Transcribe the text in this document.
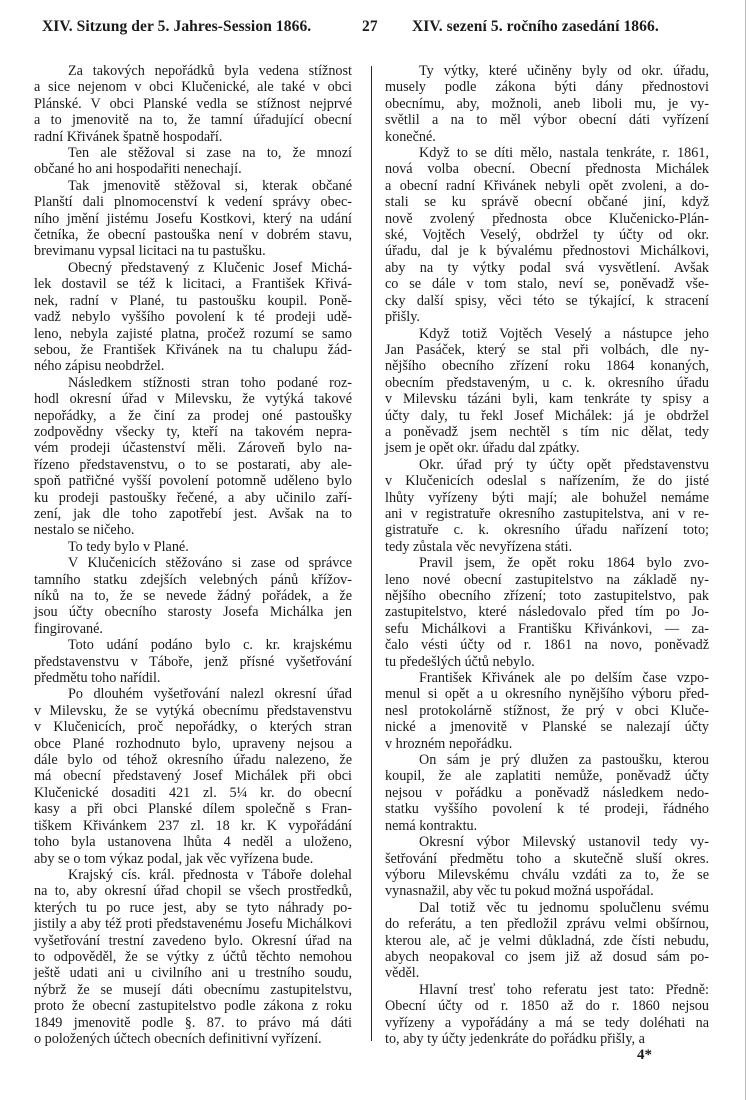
XIV. Sitzung der 5. Jahres-Session 1866.	27 XIV. sezení 5. ročního zasedání 1866.

Za takových nepořádků byla vedena stížnost
a sice nejenom v obci Klučenické, ale také v obci
Plánské. V obci Planské vedla se stížnost nejprvé
a to jmenovitě na to, že tamní úřadující obecní
radní Křivánek špatně hospodaří.

Ten ale stěžoval si zase na to, že mnozí
občané ho ani hospodařiti nenechají.

Tak jmenovitě stěžoval si, kterak občané
Planští dali plnomocenství k vedení správy obec-
ního jmění jistému Josefu Kostkovi, který na udání
četníka, že obecní pastouška není v dobrém stavu,
brevimanu vypsal licitaci na tu pastušku.

Obecný představený z Klučenic Josef Michá-
lek dostavil se též k licitaci, a František Křivá-
nek, radní v Plané, tu pastoušku koupil. Poně-
vadž nebylo vyššího povolení k té prodeji udě-
leno, nebyla zajisté platna, pročež rozumí se samo
sebou, že František Křivánek na tu chalupu žád-
ného zápisu neobdržel.

Následkem stížnosti stran toho podané roz-
hodl okresní úřad v Milevsku, že vytýká takové
nepořádky, a že činí za prodej oné pastoušky
zodpovědny všecky ty, kteří na takovém nepra-
vém prodeji účastenství měli. Zároveň bylo na-
řízeno představenstvu, o to se postarati, aby ale-
spoň patřičné vyšší povolení potomně uděleno bylo
ku prodeji pastoušky řečené, a aby učinilo zaří-
zení, jak dle toho zapotřebí jest. Avšak na to
nestalo se ničeho.

To tedy bylo v Plané.

V Klučenicích stěžováno si zase od správce
tamního statku zdejších velebných pánů křížov-
níků na to, že se nevede žádný pořádek, a že
jsou účty obecního starosty Josefa Michálka jen
fingirované.

Toto udání podáno bylo c. kr. krajskému
představenstvu v Táboře, jenž přísné vyšetřování
předmětu toho nařídil.

Po dlouhém vyšetřování nalezl okresní úřad
v Milevsku, že se vytýká obecnímu představenstvu
v Klučenicích, proč nepořádky, o kterých stran
obce Plané rozhodnuto bylo, upraveny nejsou a
dále bylo od téhož okresního úřadu nalezeno, že
má obecní představený Josef Michálek při obci
Klučenické dosaditi 421 zl. 5¼ kr. do obecní
kasy a při obci Planské dílem společně s Fran-
tiškem Křivánkem 237 zl. 18 kr. K vypořádání
toho byla ustanovena lhůta 4 neděl a uloženo,
aby se o tom výkaz podal, jak věc vyřízena bude.

Krajský cís. král. přednosta v Táboře dolehal
na to, aby okresní úřad chopil se všech prostředků,
kterých tu po ruce jest, aby se tyto náhrady po-
jistily a aby též proti představenému Josefu Michálkovi
vyšetřování trestní zavedeno bylo. Okresní úřad na
to odpověděl, že se výtky z účtů těchto nemohou
ještě udati ani u civilního ani u trestního soudu,
nýbrž že se musejí dáti obecnímu zastupitelstvu,
proto že obecní zastupitelstvo podle zákona z roku
1849 jmenovitě podle §. 87. to právo má dáti
o položených účtech obecních definitivní vyřízení.

Ty výtky, které učiněny byly od okr. úřadu,
musely podle zákona býti dány přednostovi
obecnímu, aby, možnoli, aneb liboli mu, je vy-
světlil a na to měl výbor obecní dáti vyřízení
konečné.

Když to se díti mělo, nastala tenkráte, r. 1861,
nová volba obecní. Obecní přednosta Michálek
a obecní radní Křivánek nebyli opět zvoleni, a do-
stali se ku správě obecní občané jiní, když
nově zvolený přednosta obce Klučenicko-Plán-
ské, Vojtěch Veselý, obdržel ty účty od okr.
úřadu, dal je k bývalému přednostovi Michálkovi,
aby na ty výtky podal svá vysvětlení. Avšak
co se dále v tom stalo, neví se, poněvadž vše-
cky další spisy, věci této se týkající, k stracení
přišly.

Když totiž Vojtěch Veselý a nástupce jeho
Jan Pasáček, který se stal při volbách, dle ny-
nějšího obecního zřízení roku 1864 konaných,
obecním představeným, u c. k. okresního úřadu
v Milevsku tázáni byli, kam tenkráte ty spisy a
účty daly, tu řekl Josef Michálek: já je obdržel
a poněvadž jsem nechtěl s tím nic dělat, tedy
jsem je opět okr. úřadu dal zpátky.

Okr. úřad prý ty účty opět představenstvu
v Klučenicích odeslal s nařízením, že do jisté
lhůty vyřízeny býti mají; ale bohužel nemáme
ani v registratuře okresního zastupitelstva, ani v re-
gistratuře c. k. okresního úřadu nařízení toto;
tedy zůstala věc nevyřízena státi.

Pravil jsem, že opět roku 1864 bylo zvo-
leno nové obecní zastupitelstvo na základě ny-
nějšího obecního zřízení; toto zastupitelstvo, pak
zastupitelstvo, které následovalo před tím po Jo-
sefu Michálkovi a Františku Křivánkovi, — za-
čalo vésti účty od r. 1861 na novo, poněvadž
tu předešlých účtů nebylo.

František Křivánek ale po delším čase vzpo-
menul si opět a u okresního nynějšího výboru před-
nesl protokolárně stížnost, že prý v obci Kluče-
nické a jmenovitě v Planské se nalezají účty
v hrozném nepořádku.

On sám je prý dlužen za pastoušku, kterou
koupil, že ale zaplatiti nemůže, poněvadž účty
nejsou v pořádku a poněvadž následkem nedo-
statku vyššího povolení k té prodeji, řádného
nemá kontraktu.

Okresní výbor Milevský ustanovil tedy vy-
šetřování předmětu toho a skutečně sluší okres.
výboru Milevskému chválu vzdáti za to, že se
vynasnažil, aby věc tu pokud možná uspořádal.

Dal totiž věc tu jednomu spolučlenu svému
do referátu, a ten předložil zprávu velmi obšírnou,
kterou ale, ač je velmi důkladná, zde čísti nebudu,
abych neopakoval co jsem již až dosud sám po-
věděl.

Hlavní tresť toho referatu jest tato: Předně:
Obecní účty od r. 1850 až do r. 1860 nejsou
vyřízeny a vypořádány a má se tedy doléhati na
to, aby ty účty jedenkráte do pořádku přišly, a

4*
